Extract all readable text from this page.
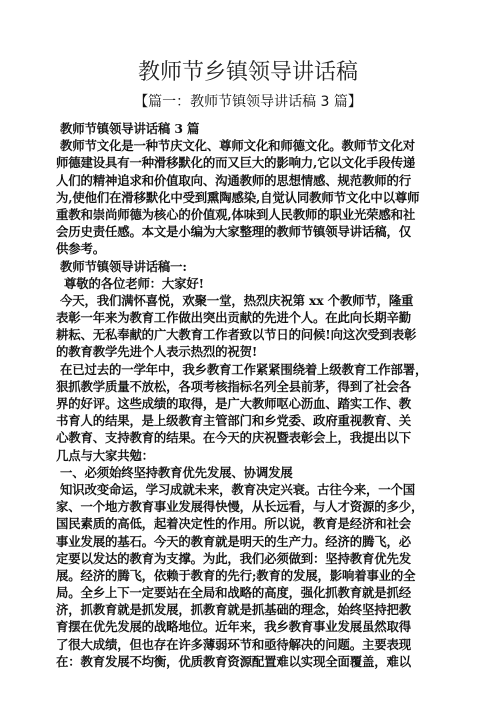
教师节乡镇领导讲话稿
【篇一：教师节镇领导讲话稿 3 篇】
教师节镇领导讲话稿 3 篇
教师节文化是一种节庆文化、尊师文化和师德文化。教师节文化对
师德建设具有一种滑移默化的而又巨大的影响力,它以文化手段传递
人们的精神追求和价值取向、沟通教师的思想情感、规范教师的行
为,使他们在滑移默化中受到熏陶感染,自觉认同教师节文化中以尊师
重教和崇尚师德为核心的价值观,体味到人民教师的职业光荣感和社
会历史责任感。本文是小编为大家整理的教师节镇领导讲话稿，仅
供参考。
教师节镇领导讲话稿一:
尊敬的各位老师：大家好!
今天，我们满怀喜悦，欢聚一堂，热烈庆祝第 xx 个教师节，隆重
表彰一年来为教育工作做出突出贡献的先进个人。在此向长期辛勤
耕耘、无私奉献的广大教育工作者致以节日的问候!向这次受到表彰
的教育教学先进个人表示热烈的祝贺!
在已过去的一学年中，我乡教育工作紧紧围绕着上级教育工作部署，
狠抓教学质量不放松，各项考核指标名列全县前茅，得到了社会各
界的好评。这些成绩的取得，是广大教师呕心沥血、踏实工作、教
书育人的结果，是上级教育主管部门和乡党委、政府重视教育、关
心教育、支持教育的结果。在今天的庆祝暨表彰会上，我提出以下
几点与大家共勉：
一、必须始终坚持教育优先发展、协调发展
知识改变命运，学习成就未来，教育决定兴衰。古往今来，一个国
家、一个地方教育事业发展得快慢，从长远看，与人才资源的多少，
国民素质的高低，起着决定性的作用。所以说，教育是经济和社会
事业发展的基石。今天的教育就是明天的生产力。经济的腾飞，必
定要以发达的教育为支撑。为此，我们必须做到：坚持教育优先发
展。经济的腾飞，依赖于教育的先行;教育的发展，影响着事业的全
局。全乡上下一定要站在全局和战略的高度，强化抓教育就是抓经
济，抓教育就是抓发展，抓教育就是抓基础的理念，始终坚持把教
育摆在优先发展的战略地位。近年来，我乡教育事业发展虽然取得
了很大成绩，但也存在许多薄弱环节和亟待解决的问题。主要表现
在：教育发展不均衡，优质教育资源配置难以实现全面覆盖，难以
